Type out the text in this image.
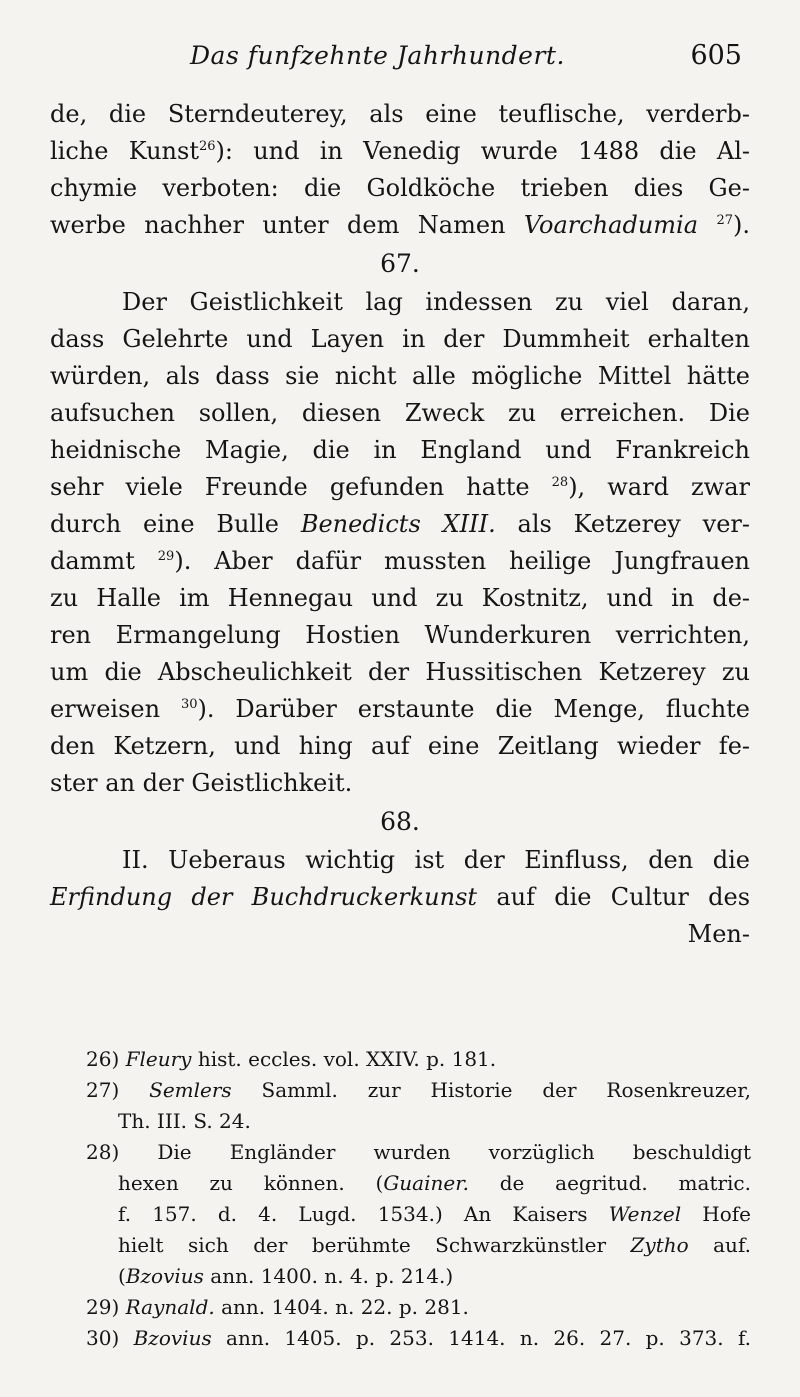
Das funfzehnte Jahrhundert.	605
de, die Sterndeuterey, als eine teuflische, verderb-
liche Kunst$^{26}$): und in Venedig wurde 1488 die Al-
chymie verboten: die Goldköche trieben dies Ge-
werbe nachher unter dem Namen Voarchadumia $^{27}$).
67.
Der Geistlichkeit lag indessen zu viel daran,
dass Gelehrte und Layen in der Dummheit erhalten
würden, als dass sie nicht alle mögliche Mittel hätte
aufsuchen sollen, diesen Zweck zu erreichen. Die
heidnische Magie, die in England und Frankreich
sehr viele Freunde gefunden hatte $^{28}$), ward zwar
durch eine Bulle Benedicts XIII. als Ketzerey ver-
dammt $^{29}$). Aber dafür mussten heilige Jungfrauen
zu Halle im Hennegau und zu Kostnitz, und in de-
ren Ermangelung Hostien Wunderkuren verrichten,
um die Abscheulichkeit der Hussitischen Ketzerey zu
erweisen $^{30}$). Darüber erstaunte die Menge, fluchte
den Ketzern, und hing auf eine Zeitlang wieder fe-
ster an der Geistlichkeit.
68.
II. Ueberaus wichtig ist der Einfluss, den die
Erfindung der Buchdruckerkunst auf die Cultur des
Men-
26) Fleury hist. eccles. vol. XXIV. p. 181.
27) Semlers Samml. zur Historie der Rosenkreuzer,
Th. III. S. 24.
28) Die Engländer wurden vorzüglich beschuldigt
hexen zu können. (Guainer. de aegritud. matric.
f. 157. d. 4. Lugd. 1534.) An Kaisers Wenzel Hofe
hielt sich der berühmte Schwarzkünstler Zytho auf.
(Bzovius ann. 1400. n. 4. p. 214.)
29) Raynald. ann. 1404. n. 22. p. 281.
30) Bzovius ann. 1405. p. 253. 1414. n. 26. 27. p. 373. f.
